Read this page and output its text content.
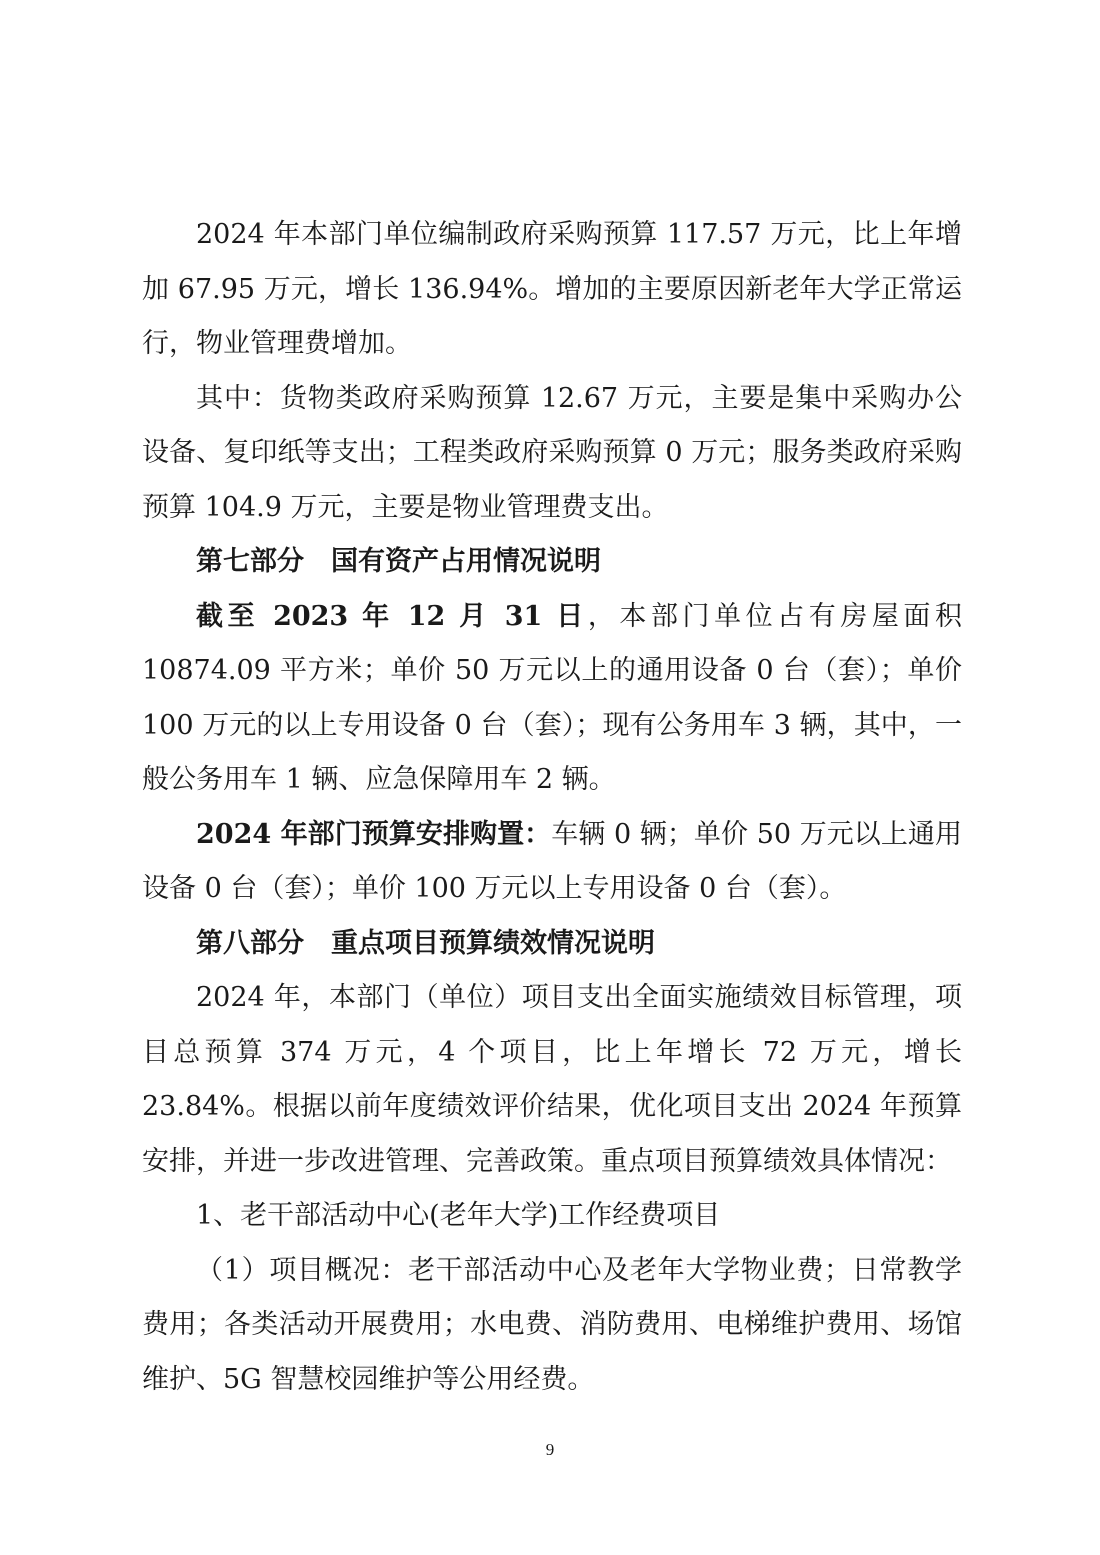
2024 年本部门单位编制政府采购预算 117.57 万元，比上年增加 67.95 万元，增长 136.94%。增加的主要原因新老年大学正常运行，物业管理费增加。

其中：货物类政府采购预算 12.67 万元，主要是集中采购办公设备、复印纸等支出；工程类政府采购预算 0 万元；服务类政府采购预算 104.9 万元，主要是物业管理费支出。

第七部分　国有资产占用情况说明

截至 2023 年 12 月 31 日，本部门单位占有房屋面积 10874.09 平方米；单价 50 万元以上的通用设备 0 台（套）；单价 100 万元的以上专用设备 0 台（套）；现有公务用车 3 辆，其中，一般公务用车 1 辆、应急保障用车 2 辆。

2024 年部门预算安排购置：车辆 0 辆；单价 50 万元以上通用设备 0 台（套）；单价 100 万元以上专用设备 0 台（套）。

第八部分　重点项目预算绩效情况说明

2024 年，本部门（单位）项目支出全面实施绩效目标管理，项目总预算 374 万元，4 个项目，比上年增长 72 万元，增长 23.84%。根据以前年度绩效评价结果，优化项目支出 2024 年预算安排，并进一步改进管理、完善政策。重点项目预算绩效具体情况：

1、老干部活动中心(老年大学)工作经费项目

（1）项目概况：老干部活动中心及老年大学物业费；日常教学费用；各类活动开展费用；水电费、消防费用、电梯维护费用、场馆维护、5G 智慧校园维护等公用经费。

9
